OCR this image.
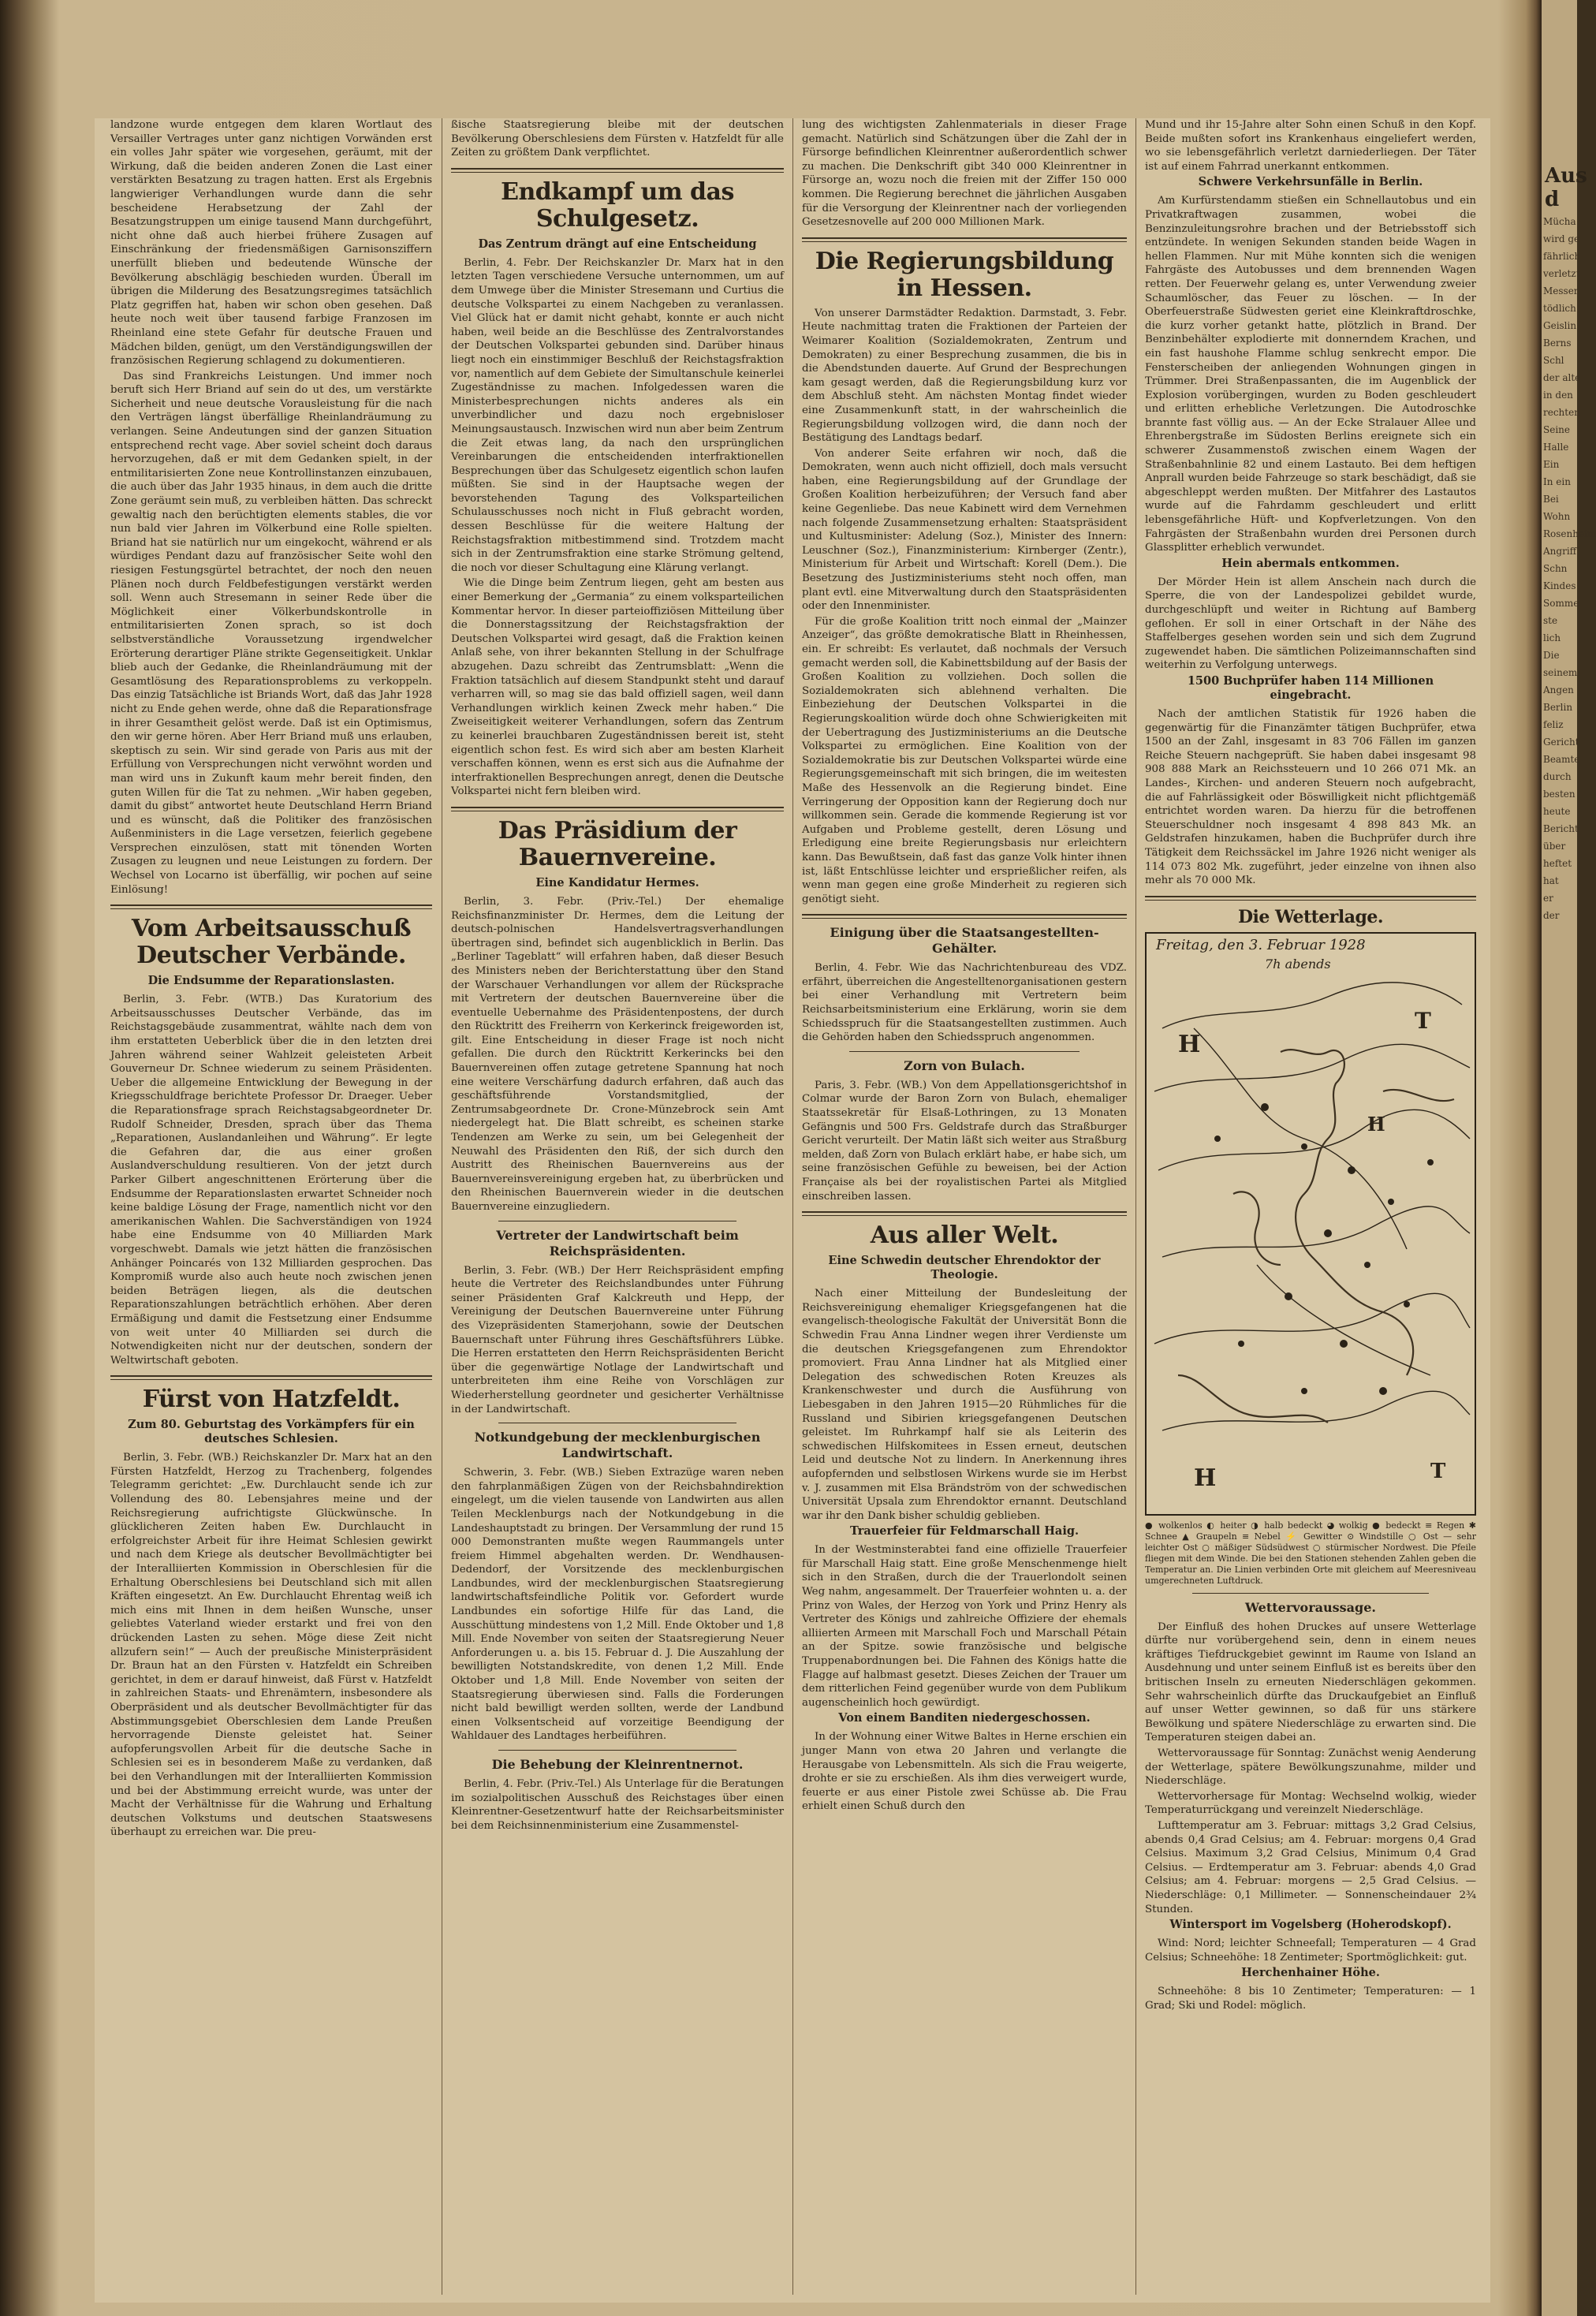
landzone wurde entgegen dem klaren Wortlaut des Versailler Vertrages unter ganz nichtigen Vorwänden erst ein volles Jahr später wie vorgesehen, geräumt, mit der Wirkung, daß die beiden anderen Zonen die Last einer verstärkten Besatzung zu tragen hatten. Erst als Ergebnis langwieriger Verhandlungen wurde dann die sehr bescheidene Herabsetzung der Zahl der Besatzungstruppen um einige tausend Mann durchgeführt, nicht ohne daß auch hierbei frühere Zusagen auf Einschränkung der friedensmäßigen Garnisonsziffern unerfüllt blieben und bedeutende Wünsche der Bevölkerung abschlägig beschieden wurden. Überall im übrigen die Milderung des Besatzungsregimes tatsächlich Platz gegriffen hat, haben wir schon oben gesehen. Daß heute noch weit über tausend farbige Franzosen im Rheinland eine stete Gefahr für deutsche Frauen und Mädchen bilden, genügt, um den Verständigungswillen der französischen Regierung schlagend zu dokumentieren.

Das sind Frankreichs Leistungen. Und immer noch beruft sich Herr Briand auf sein do ut des, um verstärkte Sicherheit und neue deutsche Vorausleistung für die nach den Verträgen längst überfällige Rheinlandräumung zu verlangen. Seine Andeutungen sind der ganzen Situation entsprechend recht vage. Aber soviel scheint doch daraus hervorzugehen, daß er mit dem Gedanken spielt, in der entmilitarisierten Zone neue Kontrollinstanzen einzubauen, die auch über das Jahr 1935 hinaus, in dem auch die dritte Zone geräumt sein muß, zu verbleiben hätten. Das schreckt gewaltig nach den berüchtigten elements stables, die vor nun bald vier Jahren im Völkerbund eine Rolle spielten. Briand hat sie natürlich nur um eingekocht, während er als würdiges Pendant dazu auf französischer Seite wohl den riesigen Festungsgürtel betrachtet, der noch den neuen Plänen noch durch Feldbefestigungen verstärkt werden soll. Wenn auch Stresemann in seiner Rede über die Möglichkeit einer Völkerbundskontrolle in entmilitarisierten Zonen sprach, so ist doch selbstverständliche Voraussetzung irgendwelcher Erörterung derartiger Pläne strikte Gegenseitigkeit. Unklar blieb auch der Gedanke, die Rheinlandräumung mit der Gesamtlösung des Reparationsproblems zu verkoppeln. Das einzig Tatsächliche ist Briands Wort, daß das Jahr 1928 nicht zu Ende gehen werde, ohne daß die Reparationsfrage in ihrer Gesamtheit gelöst werde. Daß ist ein Optimismus, den wir gerne hören. Aber Herr Briand muß uns erlauben, skeptisch zu sein. Wir sind gerade von Paris aus mit der Erfüllung von Versprechungen nicht verwöhnt worden und man wird uns in Zukunft kaum mehr bereit finden, den guten Willen für die Tat zu nehmen. „Wir haben gegeben, damit du gibst“ antwortet heute Deutschland Herrn Briand und es wünscht, daß die Politiker des französischen Außenministers in die Lage versetzen, feierlich gegebene Versprechen einzulösen, statt mit tönenden Worten Zusagen zu leugnen und neue Leistungen zu fordern. Der Wechsel von Locarno ist überfällig, wir pochen auf seine Einlösung!

Vom Arbeitsausschuß Deutscher Verbände.
Die Endsumme der Reparationslasten.

Berlin, 3. Febr. (WTB.) Das Kuratorium des Arbeitsausschusses Deutscher Verbände, das im Reichstagsgebäude zusammentrat, wählte nach dem von ihm erstatteten Ueberblick über die in den letzten drei Jahren während seiner Wahlzeit geleisteten Arbeit Gouverneur Dr. Schnee wiederum zu seinem Präsidenten. Ueber die allgemeine Entwicklung der Bewegung in der Kriegsschuldfrage berichtete Professor Dr. Draeger. Ueber die Reparationsfrage sprach Reichstagsabgeordneter Dr. Rudolf Schneider, Dresden, sprach über das Thema „Reparationen, Auslandanleihen und Währung“. Er legte die Gefahren dar, die aus einer großen Auslandverschuldung resultieren. Von der jetzt durch Parker Gilbert angeschnittenen Erörterung über die Endsumme der Reparationslasten erwartet Schneider noch keine baldige Lösung der Frage, namentlich nicht vor den amerikanischen Wahlen. Die Sachverständigen von 1924 habe eine Endsumme von 40 Milliarden Mark vorgeschwebt. Damals wie jetzt hätten die französischen Anhänger Poincarés von 132 Milliarden gesprochen. Das Kompromiß wurde also auch heute noch zwischen jenen beiden Beträgen liegen, als die deutschen Reparationszahlungen beträchtlich erhöhen. Aber deren Ermäßigung und damit die Festsetzung einer Endsumme von weit unter 40 Milliarden sei durch die Notwendigkeiten nicht nur der deutschen, sondern der Weltwirtschaft geboten.

Fürst von Hatzfeldt.
Zum 80. Geburtstag des Vorkämpfers für ein deutsches Schlesien.

Berlin, 3. Febr. (WB.) Reichskanzler Dr. Marx hat an den Fürsten Hatzfeldt, Herzog zu Trachenberg, folgendes Telegramm gerichtet: „Ew. Durchlaucht sende ich zur Vollendung des 80. Lebensjahres meine und der Reichsregierung aufrichtigste Glückwünsche. In glücklicheren Zeiten haben Ew. Durchlaucht in erfolgreichster Arbeit für ihre Heimat Schlesien gewirkt und nach dem Kriege als deutscher Bevollmächtigter bei der Interalliierten Kommission in Oberschlesien für die Erhaltung Oberschlesiens bei Deutschland sich mit allen Kräften eingesetzt. An Ew. Durchlaucht Ehrentag weiß ich mich eins mit Ihnen in dem heißen Wunsche, unser geliebtes Vaterland wieder erstarkt und frei von den drückenden Lasten zu sehen. Möge diese Zeit nicht allzufern sein!“ — Auch der preußische Ministerpräsident Dr. Braun hat an den Fürsten v. Hatzfeldt ein Schreiben gerichtet, in dem er darauf hinweist, daß Fürst v. Hatzfeldt in zahlreichen Staats- und Ehrenämtern, insbesondere als Oberpräsident und als deutscher Bevollmächtigter für das Abstimmungsgebiet Oberschlesien dem Lande Preußen hervorragende Dienste geleistet hat. Seiner aufopferungsvollen Arbeit für die deutsche Sache in Schlesien sei es in besonderem Maße zu verdanken, daß bei den Verhandlungen mit der Interalliierten Kommission und bei der Abstimmung erreicht wurde, was unter der Macht der Verhältnisse für die Wahrung und Erhaltung deutschen Volkstums und deutschen Staatswesens überhaupt zu erreichen war. Die preu-

ßische Staatsregierung bleibe mit der deutschen Bevölkerung Oberschlesiens dem Fürsten v. Hatzfeldt für alle Zeiten zu größtem Dank verpflichtet.

Endkampf um das Schulgesetz.
Das Zentrum drängt auf eine Entscheidung

Berlin, 4. Febr. Der Reichskanzler Dr. Marx hat in den letzten Tagen verschiedene Versuche unternommen, um auf dem Umwege über die Minister Stresemann und Curtius die deutsche Volkspartei zu einem Nachgeben zu veranlassen. Viel Glück hat er damit nicht gehabt, konnte er auch nicht haben, weil beide an die Beschlüsse des Zentralvorstandes der Deutschen Volkspartei gebunden sind. Darüber hinaus liegt noch ein einstimmiger Beschluß der Reichstagsfraktion vor, namentlich auf dem Gebiete der Simultanschule keinerlei Zugeständnisse zu machen. Infolgedessen waren die Ministerbesprechungen nichts anderes als ein unverbindlicher und dazu noch ergebnisloser Meinungsaustausch. Inzwischen wird nun aber beim Zentrum die Zeit etwas lang, da nach den ursprünglichen Vereinbarungen die entscheidenden interfraktionellen Besprechungen über das Schulgesetz eigentlich schon laufen müßten. Sie sind in der Hauptsache wegen der bevorstehenden Tagung des Volksparteilichen Schulausschusses noch nicht in Fluß gebracht worden, dessen Beschlüsse für die weitere Haltung der Reichstagsfraktion mitbestimmend sind. Trotzdem macht sich in der Zentrumsfraktion eine starke Strömung geltend, die noch vor dieser Schultagung eine Klärung verlangt.

Wie die Dinge beim Zentrum liegen, geht am besten aus einer Bemerkung der „Germania“ zu einem volksparteilichen Kommentar hervor. In dieser parteioffiziösen Mitteilung über die Donnerstagssitzung der Reichstagsfraktion der Deutschen Volkspartei wird gesagt, daß die Fraktion keinen Anlaß sehe, von ihrer bekannten Stellung in der Schulfrage abzugehen. Dazu schreibt das Zentrumsblatt: „Wenn die Fraktion tatsächlich auf diesem Standpunkt steht und darauf verharren will, so mag sie das bald offiziell sagen, weil dann Verhandlungen wirklich keinen Zweck mehr haben.“ Die Zweiseitigkeit weiterer Verhandlungen, sofern das Zentrum zu keinerlei brauchbaren Zugeständnissen bereit ist, steht eigentlich schon fest. Es wird sich aber am besten Klarheit verschaffen können, wenn es erst sich aus die Aufnahme der interfraktionellen Besprechungen anregt, denen die Deutsche Volkspartei nicht fern bleiben wird.

Das Präsidium der Bauernvereine.
Eine Kandidatur Hermes.

Berlin, 3. Febr. (Priv.-Tel.) Der ehemalige Reichsfinanzminister Dr. Hermes, dem die Leitung der deutsch-polnischen Handelsvertragsverhandlungen übertragen sind, befindet sich augenblicklich in Berlin. Das „Berliner Tageblatt“ will erfahren haben, daß dieser Besuch des Ministers neben der Berichterstattung über den Stand der Warschauer Verhandlungen vor allem der Rücksprache mit Vertretern der deutschen Bauernvereine über die eventuelle Uebernahme des Präsidentenpostens, der durch den Rücktritt des Freiherrn von Kerkerinck freigeworden ist, gilt. Eine Entscheidung in dieser Frage ist noch nicht gefallen. Die durch den Rücktritt Kerkerincks bei den Bauernvereinen offen zutage getretene Spannung hat noch eine weitere Verschärfung dadurch erfahren, daß auch das geschäftsführende Vorstandsmitglied, der Zentrumsabgeordnete Dr. Crone-Münzebrock sein Amt niedergelegt hat. Die Blatt schreibt, es scheinen starke Tendenzen am Werke zu sein, um bei Gelegenheit der Neuwahl des Präsidenten den Riß, der sich durch den Austritt des Rheinischen Bauernvereins aus der Bauernvereinsvereinigung ergeben hat, zu überbrücken und den Rheinischen Bauernverein wieder in die deutschen Bauernvereine einzugliedern.

Vertreter der Landwirtschaft beim Reichspräsidenten.

Berlin, 3. Febr. (WB.) Der Herr Reichspräsident empfing heute die Vertreter des Reichslandbundes unter Führung seiner Präsidenten Graf Kalckreuth und Hepp, der Vereinigung der Deutschen Bauernvereine unter Führung des Vizepräsidenten Stamerjohann, sowie der Deutschen Bauernschaft unter Führung ihres Geschäftsführers Lübke. Die Herren erstatteten den Herrn Reichspräsidenten Bericht über die gegenwärtige Notlage der Landwirtschaft und unterbreiteten ihm eine Reihe von Vorschlägen zur Wiederherstellung geordneter und gesicherter Verhältnisse in der Landwirtschaft.

Notkundgebung der mecklenburgischen Landwirtschaft.

Schwerin, 3. Febr. (WB.) Sieben Extrazüge waren neben den fahrplanmäßigen Zügen von der Reichsbahndirektion eingelegt, um die vielen tausende von Landwirten aus allen Teilen Mecklenburgs nach der Notkundgebung in die Landeshauptstadt zu bringen. Der Versammlung der rund 15 000 Demonstranten mußte wegen Raummangels unter freiem Himmel abgehalten werden. Dr. Wendhausen-Dedendorf, der Vorsitzende des mecklenburgischen Landbundes, wird der mecklenburgischen Staatsregierung landwirtschaftsfeindliche Politik vor. Gefordert wurde Landbundes ein sofortige Hilfe für das Land, die Ausschüttung mindestens von 1,2 Mill. Ende Oktober und 1,8 Mill. Ende November von seiten der Staatsregierung Neuer Anforderungen u. a. bis 15. Februar d. J. Die Auszahlung der bewilligten Notstandskredite, von denen 1,2 Mill. Ende Oktober und 1,8 Mill. Ende November von seiten der Staatsregierung überwiesen sind. Falls die Forderungen nicht bald bewilligt werden sollten, werde der Landbund einen Volksentscheid auf vorzeitige Beendigung der Wahldauer des Landtages herbeiführen.

Die Behebung der Kleinrentnernot.

Berlin, 4. Febr. (Priv.-Tel.) Als Unterlage für die Beratungen im sozialpolitischen Ausschuß des Reichstages über einen Kleinrentner-Gesetzentwurf hatte der Reichsarbeitsminister bei dem Reichsinnenministerium eine Zusammenstel-

lung des wichtigsten Zahlenmaterials in dieser Frage gemacht. Natürlich sind Schätzungen über die Zahl der in Fürsorge befindlichen Kleinrentner außerordentlich schwer zu machen. Die Denkschrift gibt 340 000 Kleinrentner in Fürsorge an, wozu noch die freien mit der Ziffer 150 000 kommen. Die Regierung berechnet die jährlichen Ausgaben für die Versorgung der Kleinrentner nach der vorliegenden Gesetzesnovelle auf 200 000 Millionen Mark.

Die Regierungsbildung in Hessen.

Von unserer Darmstädter Redaktion. Darmstadt, 3. Febr. Heute nachmittag traten die Fraktionen der Parteien der Weimarer Koalition (Sozialdemokraten, Zentrum und Demokraten) zu einer Besprechung zusammen, die bis in die Abendstunden dauerte. Auf Grund der Besprechungen kam gesagt werden, daß die Regierungsbildung kurz vor dem Abschluß steht. Am nächsten Montag findet wieder eine Zusammenkunft statt, in der wahrscheinlich die Regierungsbildung vollzogen wird, die dann noch der Bestätigung des Landtags bedarf.

Von anderer Seite erfahren wir noch, daß die Demokraten, wenn auch nicht offiziell, doch mals versucht haben, eine Regierungsbildung auf der Grundlage der Großen Koalition herbeizuführen; der Versuch fand aber keine Gegenliebe. Das neue Kabinett wird dem Vernehmen nach folgende Zusammensetzung erhalten: Staatspräsident und Kultusminister: Adelung (Soz.), Minister des Innern: Leuschner (Soz.), Finanzministerium: Kirnberger (Zentr.), Ministerium für Arbeit und Wirtschaft: Korell (Dem.). Die Besetzung des Justizministeriums steht noch offen, man plant evtl. eine Mitverwaltung durch den Staatspräsidenten oder den Innenminister.

Für die große Koalition tritt noch einmal der „Mainzer Anzeiger“, das größte demokratische Blatt in Rheinhessen, ein. Er schreibt: Es verlautet, daß nochmals der Versuch gemacht werden soll, die Kabinettsbildung auf der Basis der Großen Koalition zu vollziehen. Doch sollen die Sozialdemokraten sich ablehnend verhalten. Die Einbeziehung der Deutschen Volkspartei in die Regierungskoalition würde doch ohne Schwierigkeiten mit der Uebertragung des Justizministeriums an die Deutsche Volkspartei zu ermöglichen. Eine Koalition von der Sozialdemokratie bis zur Deutschen Volkspartei würde eine Regierungsgemeinschaft mit sich bringen, die im weitesten Maße des Hessenvolk an die Regierung bindet. Eine Verringerung der Opposition kann der Regierung doch nur willkommen sein. Gerade die kommende Regierung ist vor Aufgaben und Probleme gestellt, deren Lösung und Erledigung eine breite Regierungsbasis nur erleichtern kann. Das Bewußtsein, daß fast das ganze Volk hinter ihnen ist, läßt Entschlüsse leichter und ersprießlicher reifen, als wenn man gegen eine große Minderheit zu regieren sich genötigt sieht.

Einigung über die Staatsangestellten-Gehälter.

Berlin, 4. Febr. Wie das Nachrichtenbureau des VDZ. erfährt, überreichen die Angestelltenorganisationen gestern bei einer Verhandlung mit Vertretern beim Reichsarbeitsministerium eine Erklärung, worin sie dem Schiedsspruch für die Staatsangestellten zustimmen. Auch die Gehörden haben den Schiedsspruch angenommen.

Zorn von Bulach.

Paris, 3. Febr. (WB.) Von dem Appellationsgerichtshof in Colmar wurde der Baron Zorn von Bulach, ehemaliger Staatssekretär für Elsaß-Lothringen, zu 13 Monaten Gefängnis und 500 Frs. Geldstrafe durch das Straßburger Gericht verurteilt. Der Matin läßt sich weiter aus Straßburg melden, daß Zorn von Bulach erklärt habe, er habe sich, um seine französischen Gefühle zu beweisen, bei der Action Française als bei der royalistischen Partei als Mitglied einschreiben lassen.

Aus aller Welt.
Eine Schwedin deutscher Ehrendoktor der Theologie.

Nach einer Mitteilung der Bundesleitung der Reichsvereinigung ehemaliger Kriegsgefangenen hat die evangelisch-theologische Fakultät der Universität Bonn die Schwedin Frau Anna Lindner wegen ihrer Verdienste um die deutschen Kriegsgefangenen zum Ehrendoktor promoviert. Frau Anna Lindner hat als Mitglied einer Delegation des schwedischen Roten Kreuzes als Krankenschwester und durch die Ausführung von Liebesgaben in den Jahren 1915—20 Rühmliches für die Russland und Sibirien kriegsgefangenen Deutschen geleistet. Im Ruhrkampf half sie als Leiterin des schwedischen Hilfskomitees in Essen erneut, deutschen Leid und deutsche Not zu lindern. In Anerkennung ihres aufopfernden und selbstlosen Wirkens wurde sie im Herbst v. J. zusammen mit Elsa Brändström von der schwedischen Universität Upsala zum Ehrendoktor ernannt. Deutschland war ihr den Dank bisher schuldig geblieben.

Trauerfeier für Feldmarschall Haig.

In der Westminsterabtei fand eine offizielle Trauerfeier für Marschall Haig statt. Eine große Menschenmenge hielt sich in den Straßen, durch die der Trauerlondolt seinen Weg nahm, angesammelt. Der Trauerfeier wohnten u. a. der Prinz von Wales, der Herzog von York und Prinz Henry als Vertreter des Königs und zahlreiche Offiziere der ehemals alliierten Armeen mit Marschall Foch und Marschall Pétain an der Spitze. sowie französische und belgische Truppenabordnungen bei. Die Fahnen des Königs hatte die Flagge auf halbmast gesetzt. Dieses Zeichen der Trauer um dem ritterlichen Feind gegenüber wurde von dem Publikum augenscheinlich hoch gewürdigt.

Von einem Banditen niedergeschossen.

In der Wohnung einer Witwe Baltes in Herne erschien ein junger Mann von etwa 20 Jahren und verlangte die Herausgabe von Lebensmitteln. Als sich die Frau weigerte, drohte er sie zu erschießen. Als ihm dies verweigert wurde, feuerte er aus einer Pistole zwei Schüsse ab. Die Frau erhielt einen Schuß durch den

Mund und ihr 15-Jahre alter Sohn einen Schuß in den Kopf. Beide mußten sofort ins Krankenhaus eingeliefert werden, wo sie lebensgefährlich verletzt darniederliegen. Der Täter ist auf einem Fahrrad unerkannt entkommen.

Schwere Verkehrsunfälle in Berlin.

Am Kurfürstendamm stießen ein Schnellautobus und ein Privatkraftwagen zusammen, wobei die Benzinzuleitungsrohre brachen und der Betriebsstoff sich entzündete. In wenigen Sekunden standen beide Wagen in hellen Flammen. Nur mit Mühe konnten sich die wenigen Fahrgäste des Autobusses und dem brennenden Wagen retten. Der Feuerwehr gelang es, unter Verwendung zweier Schaumlöscher, das Feuer zu löschen. — In der Oberfeuerstraße Südwesten geriet eine Kleinkraftdroschke, die kurz vorher getankt hatte, plötzlich in Brand. Der Benzinbehälter explodierte mit donnerndem Krachen, und ein fast haushohe Flamme schlug senkrecht empor. Die Fensterscheiben der anliegenden Wohnungen gingen in Trümmer. Drei Straßenpassanten, die im Augenblick der Explosion vorübergingen, wurden zu Boden geschleudert und erlitten erhebliche Verletzungen. Die Autodroschke brannte fast völlig aus. — An der Ecke Stralauer Allee und Ehrenbergstraße im Südosten Berlins ereignete sich ein schwerer Zusammenstoß zwischen einem Wagen der Straßenbahnlinie 82 und einem Lastauto. Bei dem heftigen Anprall wurden beide Fahrzeuge so stark beschädigt, daß sie abgeschleppt werden mußten. Der Mitfahrer des Lastautos wurde auf die Fahrdamm geschleudert und erlitt lebensgefährliche Hüft- und Kopfverletzungen. Von den Fahrgästen der Straßenbahn wurden drei Personen durch Glassplitter erheblich verwundet.

Hein abermals entkommen.

Der Mörder Hein ist allem Anschein nach durch die Sperre, die von der Landespolizei gebildet wurde, durchgeschlüpft und weiter in Richtung auf Bamberg geflohen. Er soll in einer Ortschaft in der Nähe des Staffelberges gesehen worden sein und sich dem Zugrund zugewendet haben. Die sämtlichen Polizeimannschaften sind weiterhin zu Verfolgung unterwegs.

1500 Buchprüfer haben 114 Millionen eingebracht.

Nach der amtlichen Statistik für 1926 haben die gegenwärtig für die Finanzämter tätigen Buchprüfer, etwa 1500 an der Zahl, insgesamt in 83 706 Fällen im ganzen Reiche Steuern nachgeprüft. Sie haben dabei insgesamt 98 908 888 Mark an Reichssteuern und 10 266 071 Mk. an Landes-, Kirchen- und anderen Steuern noch aufgebracht, die auf Fahrlässigkeit oder Böswilligkeit nicht pflichtgemäß entrichtet worden waren. Da hierzu für die betroffenen Steuerschuldner noch insgesamt 4 898 843 Mk. an Geldstrafen hinzukamen, haben die Buchprüfer durch ihre Tätigkeit dem Reichssäckel im Jahre 1926 nicht weniger als 114 073 802 Mk. zugeführt, jeder einzelne von ihnen also mehr als 70 000 Mk.

Die Wetterlage.
H
T
H
H	T
Freitag, den 3. Februar 1928
7h abends

● wolkenlos ◐ heiter ◑ halb bedeckt ◕ wolkig ● bedeckt ≡ Regen ✱ Schnee ▲ Graupeln ≡ Nebel ⚡ Gewitter ⊙ Windstille ○ Ost — sehr leichter Ost ○ mäßiger Südsüdwest ○ stürmischer Nordwest. Die Pfeile fliegen mit dem Winde. Die bei den Stationen stehenden Zahlen geben die Temperatur an. Die Linien verbinden Orte mit gleichem auf Meeresniveau umgerechneten Luftdruck.

Wettervoraussage.

Der Einfluß des hohen Druckes auf unsere Wetterlage dürfte nur vorübergehend sein, denn in einem neues kräftiges Tiefdruckgebiet gewinnt im Raume von Island an Ausdehnung und unter seinem Einfluß ist es bereits über den britischen Inseln zu erneuten Niederschlägen gekommen. Sehr wahrscheinlich dürfte das Druckaufgebiet an Einfluß auf unser Wetter gewinnen, so daß für uns stärkere Bewölkung und spätere Niederschläge zu erwarten sind. Die Temperaturen steigen dabei an.

Wettervoraussage für Sonntag: Zunächst wenig Aenderung der Wetterlage, spätere Bewölkungszunahme, milder und Niederschläge.

Wettervorhersage für Montag: Wechselnd wolkig, wieder Temperaturrückgang und vereinzelt Niederschläge.

Lufttemperatur am 3. Februar: mittags 3,2 Grad Celsius, abends 0,4 Grad Celsius; am 4. Februar: morgens 0,4 Grad Celsius. Maximum 3,2 Grad Celsius, Minimum 0,4 Grad Celsius. — Erdtemperatur am 3. Februar: abends 4,0 Grad Celsius; am 4. Februar: morgens — 2,5 Grad Celsius. — Niederschläge: 0,1 Millimeter. — Sonnenscheindauer 2¾ Stunden.

Wintersport im Vogelsberg (Hoherodskopf).

Wind: Nord; leichter Schneefall; Temperaturen — 4 Grad Celsius; Schneehöhe: 18 Zentimeter; Sportmöglichkeit: gut.

Herchenhainer Höhe.

Schneehöhe: 8 bis 10 Zentimeter; Temperaturen: — 1 Grad; Ski und Rodel: möglich.

Aus d
Mücha
wird ge
fährlich
verletzt
Messer
tödlich
Geislin
Berns
Schl
der alte
in den
rechten
Seine
Halle
Ein
In ein
Bei
Wohn
Rosenheim
Angriff
Schn
Kindes
Somme
ste
lich
Die
seinem
Angen
Berlin
feliz
Gericht
Beamte
durch
besten
heute
Bericht
über
heftet
hat
er
der
